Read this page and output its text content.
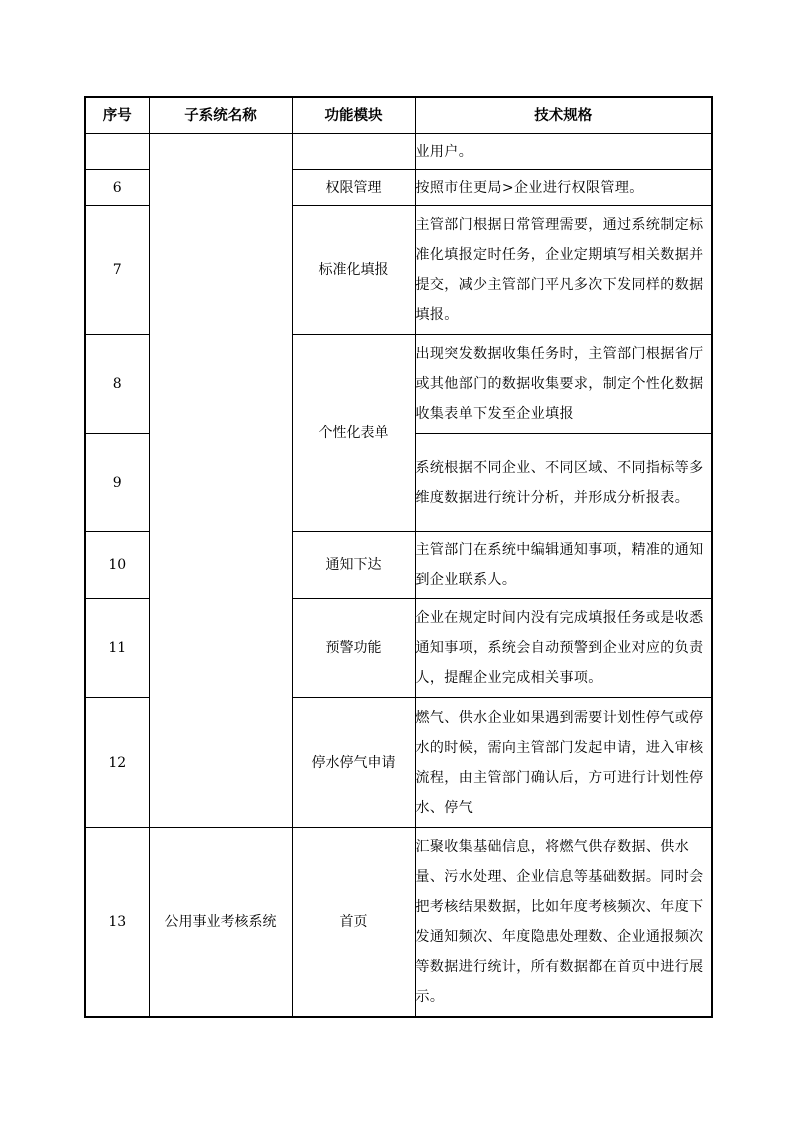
序号	子系统名称	功能模块	技术规格

			业用户。

6		权限管理	按照市住更局>企业进行权限管理。

7		标准化填报	主管部门根据日常管理需要，通过系统制定标准化填报定时任务，企业定期填写相关数据并提交，减少主管部门平凡多次下发同样的数据填报。

8		个性化表单	出现突发数据收集任务时，主管部门根据省厅或其他部门的数据收集要求，制定个性化数据收集表单下发至企业填报

9			系统根据不同企业、不同区域、不同指标等多维度数据进行统计分析，并形成分析报表。

10		通知下达	主管部门在系统中编辑通知事项，精准的通知到企业联系人。

11		预警功能	企业在规定时间内没有完成填报任务或是收悉通知事项，系统会自动预警到企业对应的负责人，提醒企业完成相关事项。

12		停水停气申请	燃气、供水企业如果遇到需要计划性停气或停水的时候，需向主管部门发起申请，进入审核流程，由主管部门确认后，方可进行计划性停水、停气

13	公用事业考核系统	首页	汇聚收集基础信息，将燃气供存数据、供水量、污水处理、企业信息等基础数据。同时会把考核结果数据，比如年度考核频次、年度下发通知频次、年度隐患处理数、企业通报频次等数据进行统计，所有数据都在首页中进行展示。
